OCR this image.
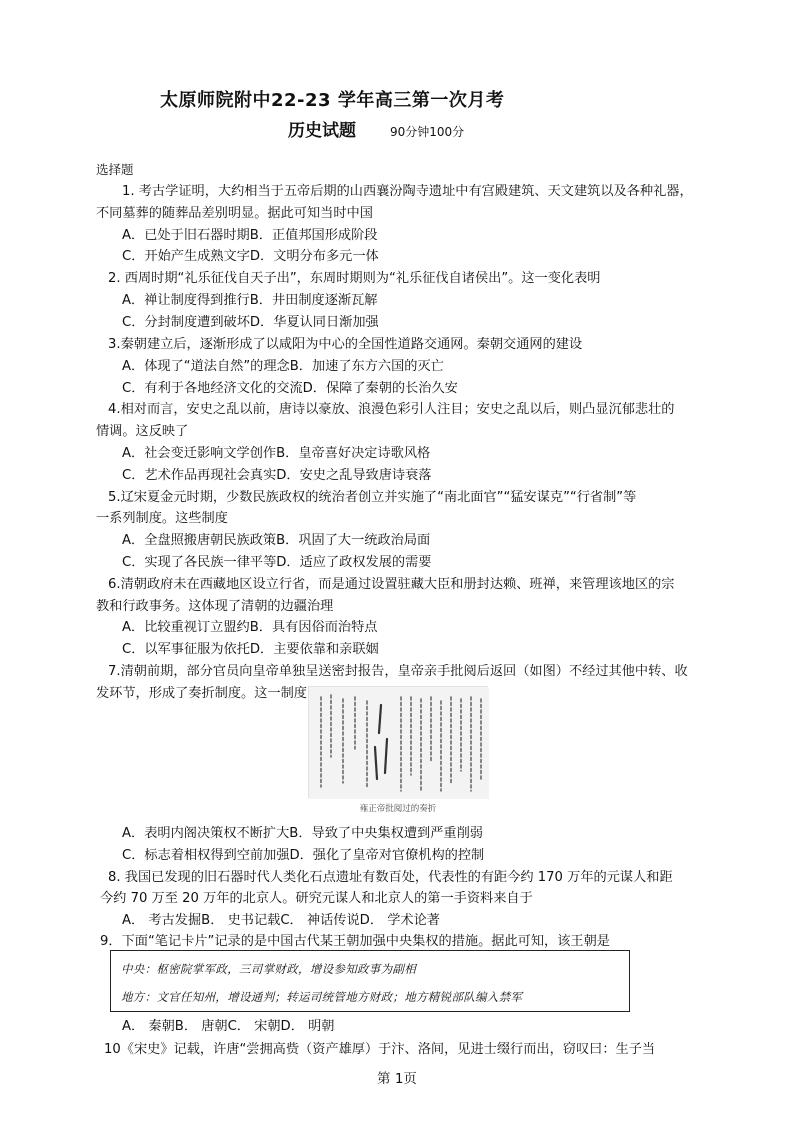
太原师院附中22-23 学年高三第一次月考
历史试题	90分钟100分
选择题
1. 考古学证明，大约相当于五帝后期的山西襄汾陶寺遗址中有宫殿建筑、天文建筑以及各种礼器，
不同墓葬的随葬品差别明显。据此可知当时中国
A．已处于旧石器时期B．正值邦国形成阶段
C．开始产生成熟文字D．文明分布多元一体
2. 西周时期“礼乐征伐自天子出”，东周时期则为“礼乐征伐自诸侯出”。这一变化表明
A．禅让制度得到推行B．井田制度逐渐瓦解
C．分封制度遭到破坏D．华夏认同日渐加强
3.秦朝建立后，逐渐形成了以咸阳为中心的全国性道路交通网。秦朝交通网的建设
A．体现了“道法自然”的理念B．加速了东方六国的灭亡
C．有利于各地经济文化的交流D．保障了秦朝的长治久安
4.相对而言，安史之乱以前，唐诗以豪放、浪漫色彩引人注目；安史之乱以后，则凸显沉郁悲壮的
情调。这反映了
A．社会变迁影响文学创作B．皇帝喜好决定诗歌风格
C．艺术作品再现社会真实D．安史之乱导致唐诗衰落
5.辽宋夏金元时期，少数民族政权的统治者创立并实施了“南北面官”“猛安谋克”“行省制”等
一系列制度。这些制度
A．全盘照搬唐朝民族政策B．巩固了大一统政治局面
C．实现了各民族一律平等D．适应了政权发展的需要
6.清朝政府未在西藏地区设立行省，而是通过设置驻藏大臣和册封达赖、班禅，来管理该地区的宗
教和行政事务。这体现了清朝的边疆治理
A．比较重视订立盟约B．具有因俗而治特点
C．以军事征服为依托D．主要依靠和亲联姻
7.清朝前期，部分官员向皇帝单独呈送密封报告，皇帝亲手批阅后返回（如图）不经过其他中转、收
发环节，形成了奏折制度。这一制度
雍正帝批阅过的奏折
A．表明内阁决策权不断扩大B．导致了中央集权遭到严重削弱
C．标志着相权得到空前加强D．强化了皇帝对官僚机构的控制
8. 我国已发现的旧石器时代人类化石点遗址有数百处，代表性的有距今约 170 万年的元谋人和距
今约 70 万至 20 万年的北京人。研究元谋人和北京人的第一手资料来自于
A． 考古发掘B． 史书记载C． 神话传说D． 学术论著
9．下面“笔记卡片”记录的是中国古代某王朝加强中央集权的措施。据此可知，该王朝是
中央：枢密院掌军政，三司掌财政，增设参知政事为副相
地方：文官任知州，增设通判；转运司统管地方财政；地方精锐部队编入禁军
A． 秦朝B． 唐朝C． 宋朝D． 明朝
10《宋史》记载，许唐“尝拥高赀（资产雄厚）于汴、洛间，见进士缀行而出，窃叹曰：生子当
第 1页
